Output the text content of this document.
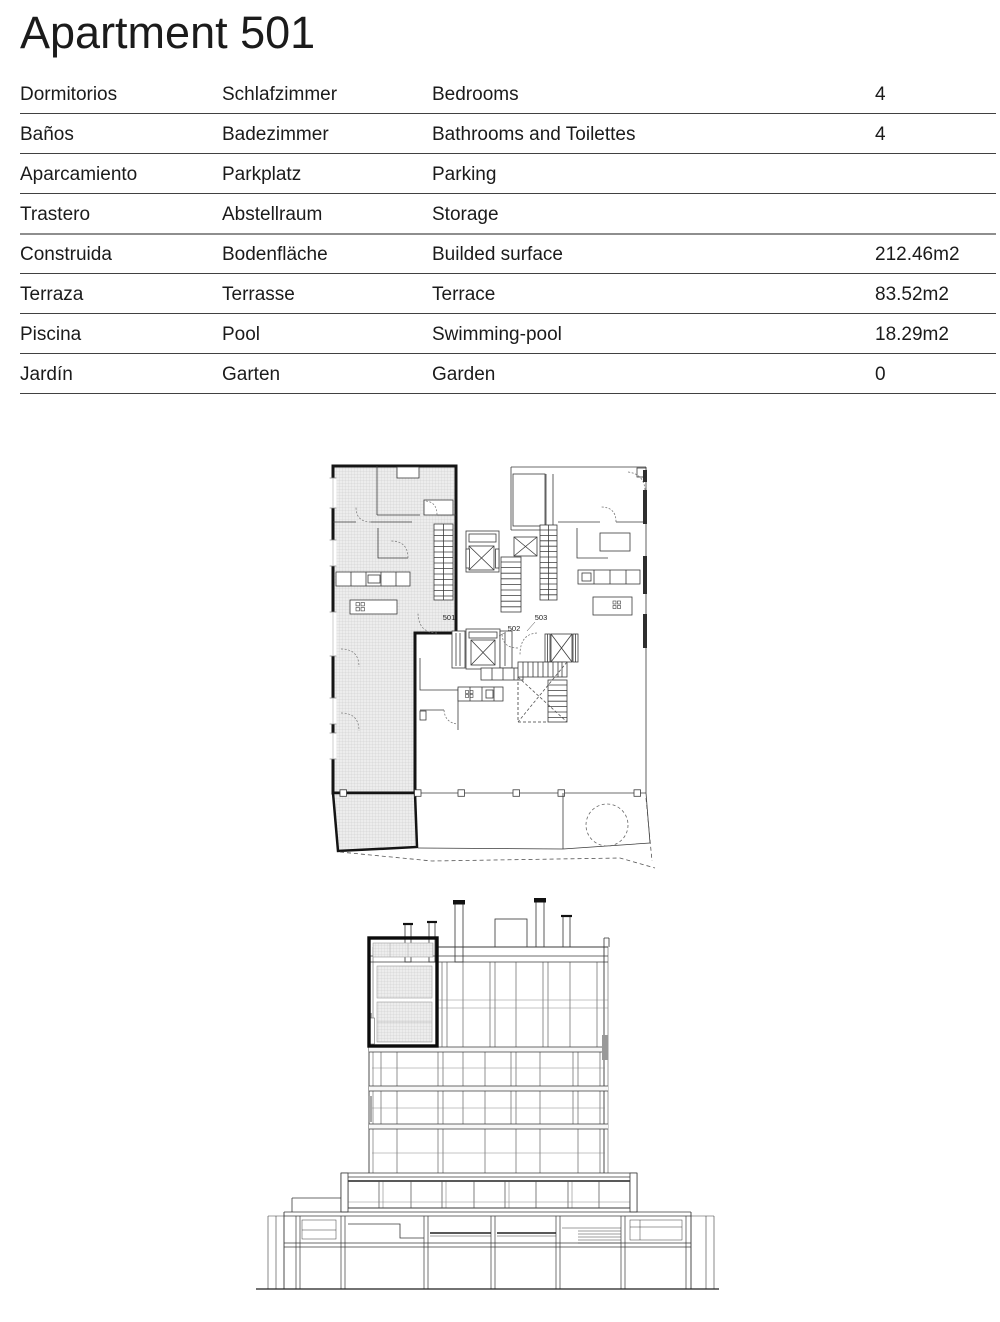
Apartment 501
Dormitorios	Schlafzimmer	Bedrooms	4
Baños	Badezimmer	Bathrooms and Toilettes	4
Aparcamiento	Parkplatz	Parking
Trastero	Abstellraum	Storage
Construida	Bodenfläche	Builded surface	212.46m2
Terraza	Terrasse	Terrace	83.52m2
Piscina	Pool	Swimming-pool	18.29m2
Jardín	Garten	Garden	0
501
502
503
